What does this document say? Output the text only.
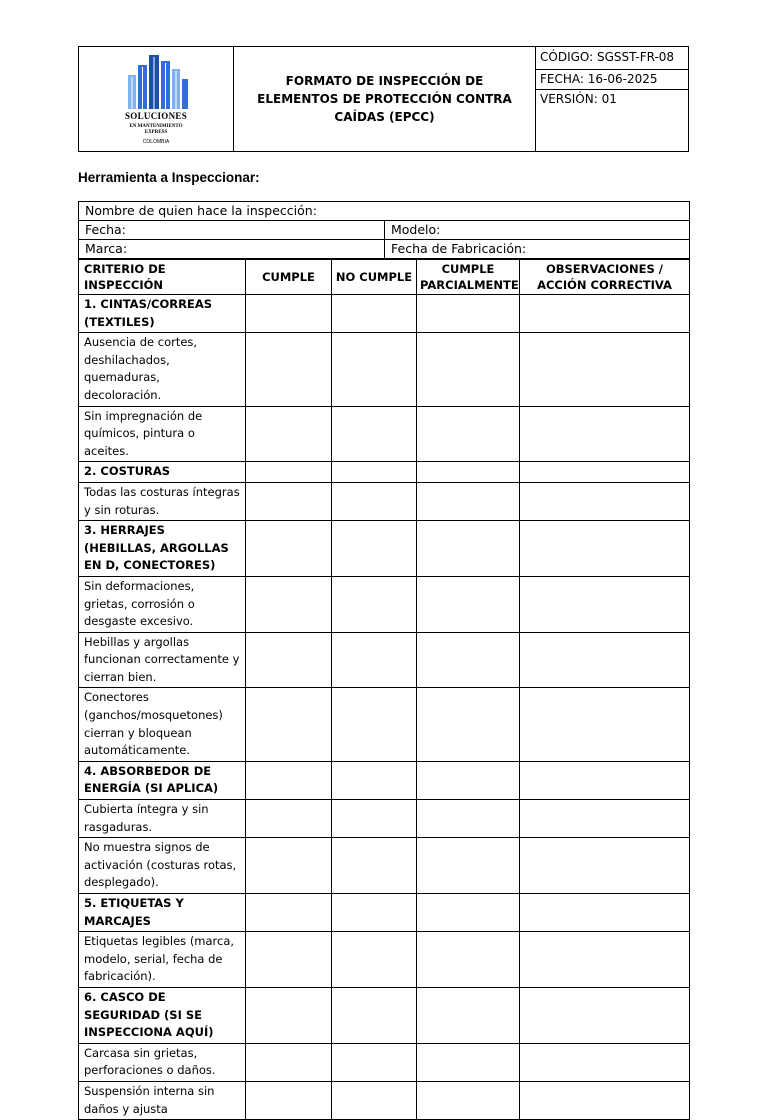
SOLUCIONES
EN MANTENIMIENTO
EXPRESS
COLOMBIA
FORMATO DE INSPECCIÓN DE ELEMENTOS DE PROTECCIÓN CONTRA CAÍDAS (EPCC)
CÓDIGO: SGSST-FR-08
FECHA: 16-06-2025
VERSIÓN: 01
Herramienta a Inspeccionar:
Nombre de quien hace la inspección:	
Fecha:	Modelo:
Marca:	Fecha de Fabricación:
CRITERIO DE INSPECCIÓN	CUMPLE	NO CUMPLE	CUMPLE PARCIALMENTE	OBSERVACIONES / ACCIÓN CORRECTIVA
1. CINTAS/CORREAS (TEXTILES)				
Ausencia de cortes, deshilachados, quemaduras, decoloración.				
Sin impregnación de químicos, pintura o aceites.				
2. COSTURAS				
Todas las costuras íntegras y sin roturas.				
3. HERRAJES (HEBILLAS, ARGOLLAS EN D, CONECTORES)				
Sin deformaciones, grietas, corrosión o desgaste excesivo.				
Hebillas y argollas funcionan correctamente y cierran bien.				
Conectores (ganchos/mosquetones) cierran y bloquean automáticamente.				
4. ABSORBEDOR DE ENERGÍA (SI APLICA)				
Cubierta íntegra y sin rasgaduras.				
No muestra signos de activación (costuras rotas, desplegado).				
5. ETIQUETAS Y MARCAJES				
Etiquetas legibles (marca, modelo, serial, fecha de fabricación).				
6. CASCO DE SEGURIDAD (SI SE INSPECCIONA AQUÍ)				
Carcasa sin grietas, perforaciones o daños.				
Suspensión interna sin daños y ajusta				
